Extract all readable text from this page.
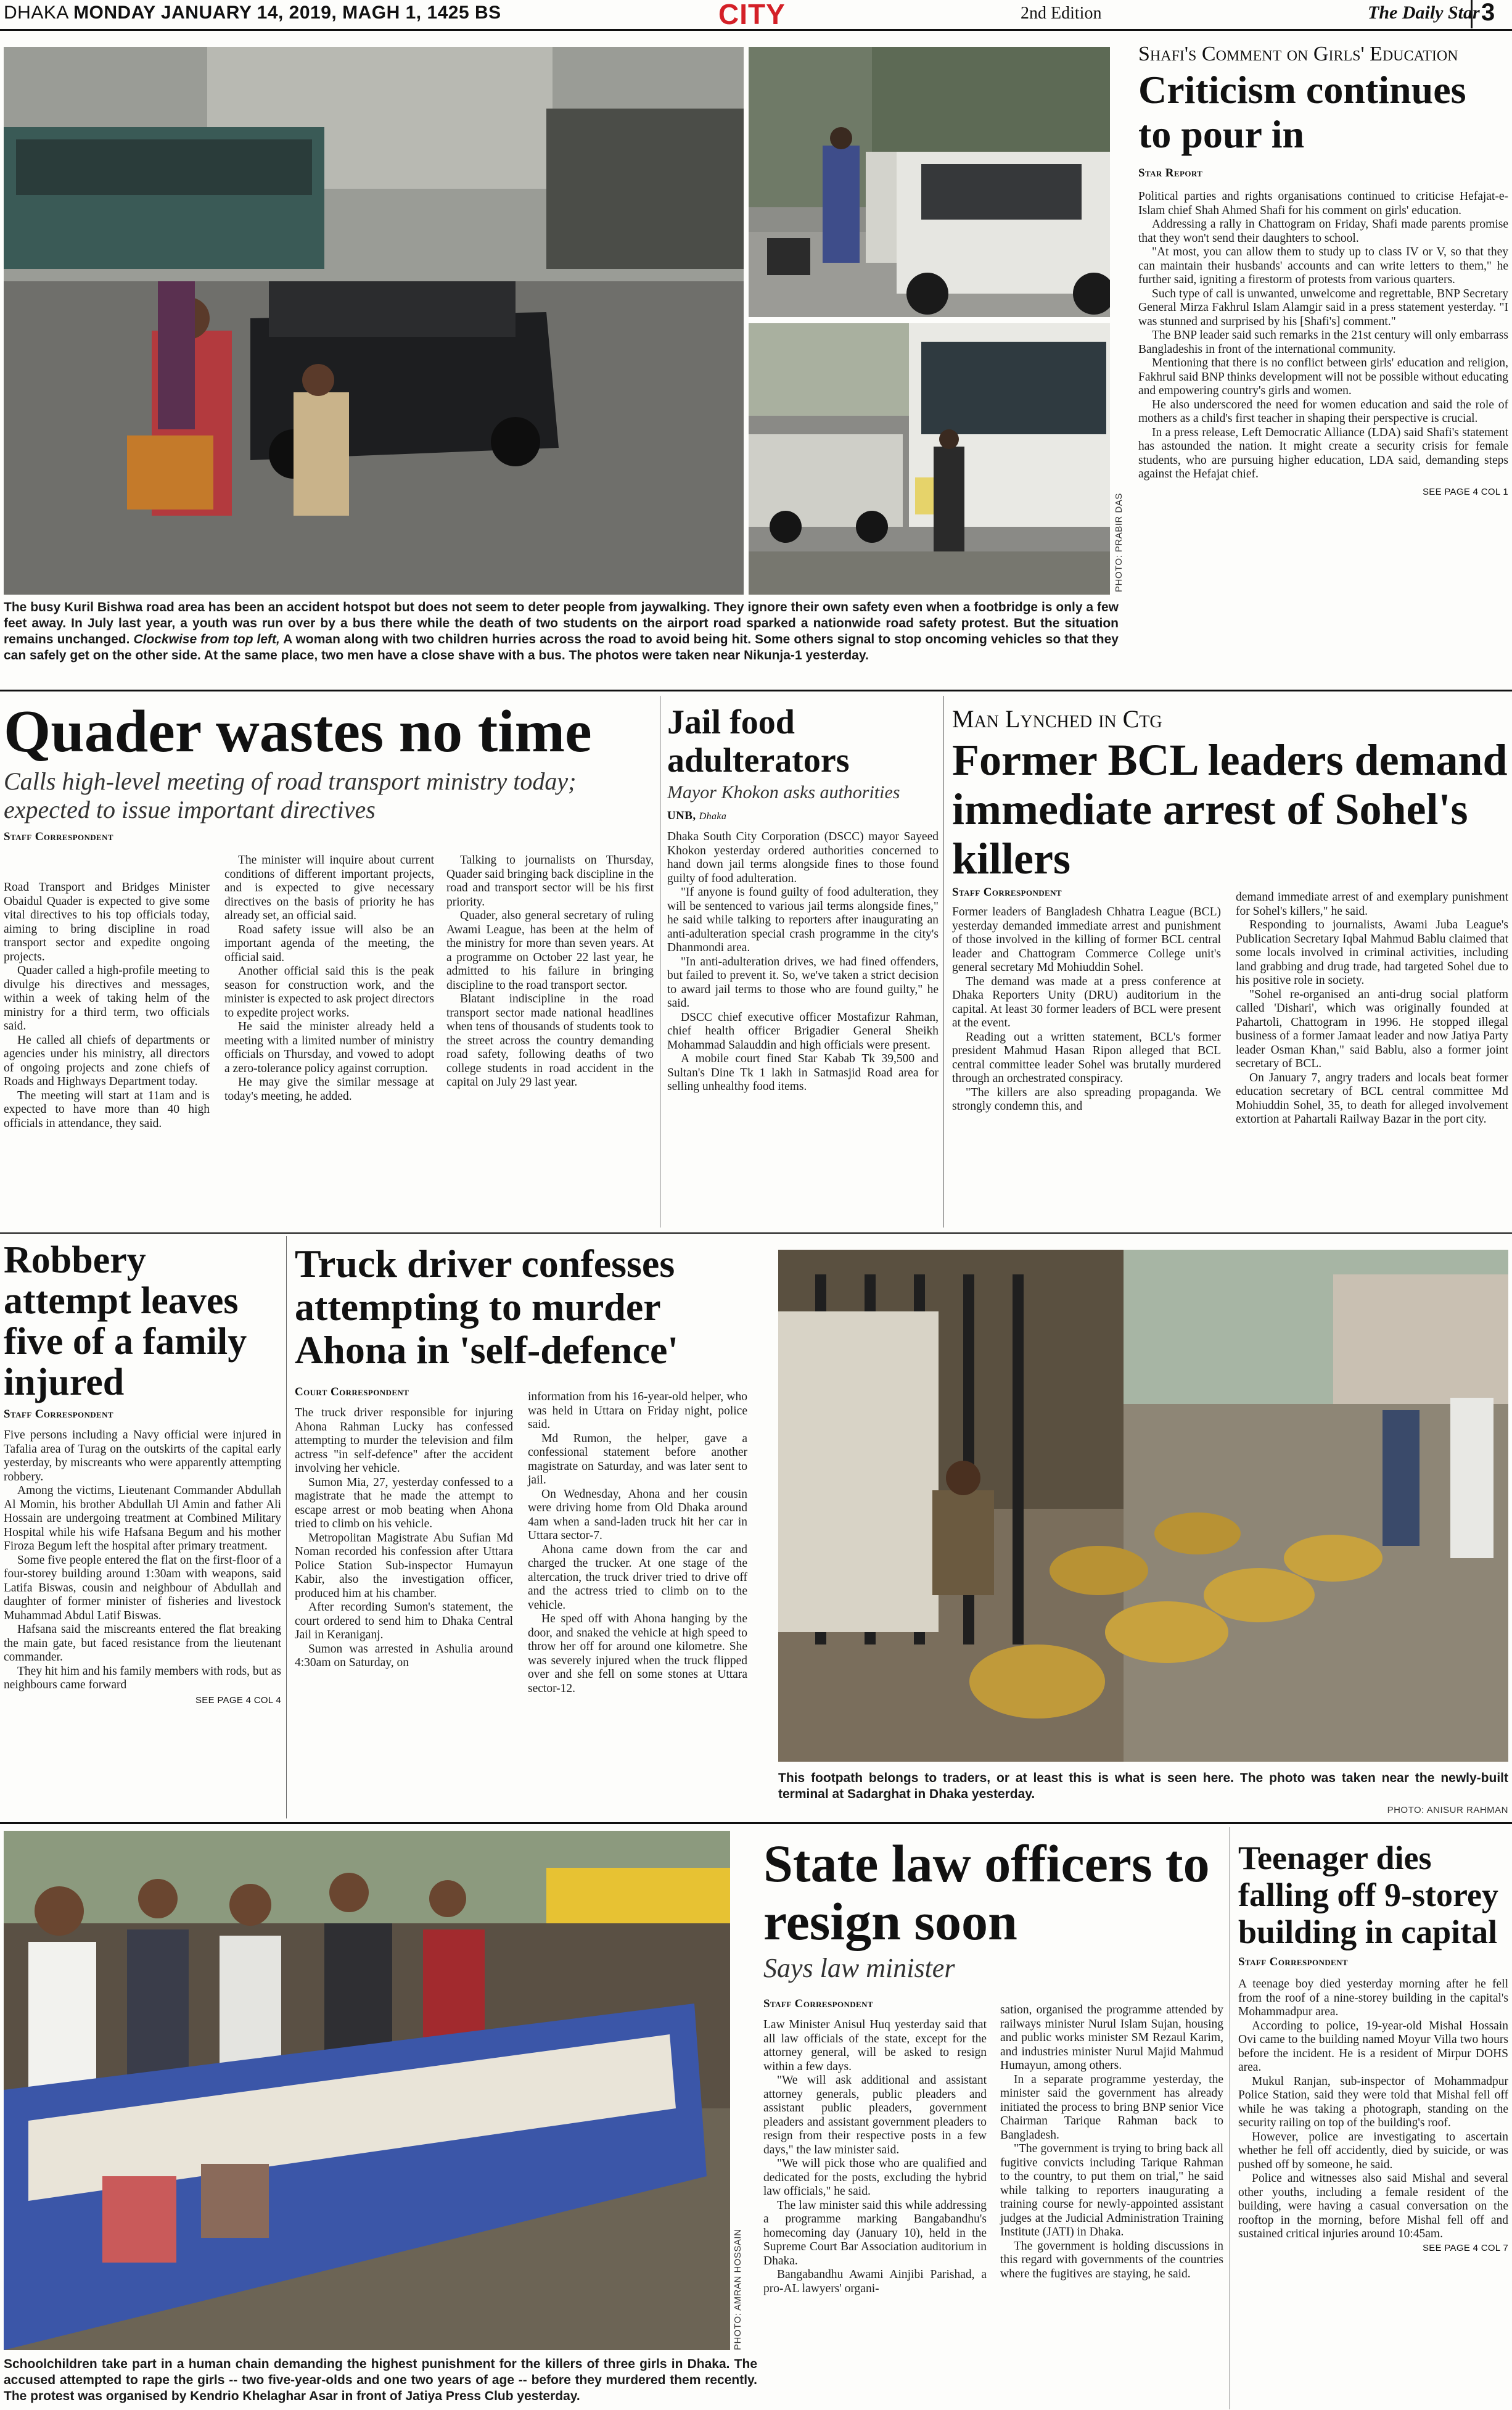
DHAKA MONDAY JANUARY 14, 2019, MAGH 1, 1425 BS	CITY	2nd Edition	The Daily Star 3
PHOTO: PRABIR DAS
The busy Kuril Bishwa road area has been an accident hotspot but does not seem to deter people from jaywalking. They ignore their own safety even when a footbridge is only a few feet away. In July last year, a youth was run over by a bus there while the death of two students on the airport road sparked a nationwide road safety protest. But the situation remains unchanged. Clockwise from top left, A woman along with two children hurries across the road to avoid being hit. Some others signal to stop oncoming vehicles so that they can safely get on the other side. At the same place, two men have a close shave with a bus. The photos were taken near Nikunja-1 yesterday.
Shafi's Comment on Girls' Education
Criticism continues to pour in
Star Report

Political parties and rights organisations continued to criticise Hefajat-e-Islam chief Shah Ahmed Shafi for his comment on girls' education.

Addressing a rally in Chattogram on Friday, Shafi made parents promise that they won't send their daughters to school.

"At most, you can allow them to study up to class IV or V, so that they can maintain their husbands' accounts and can write letters to them," he further said, igniting a firestorm of protests from various quarters.

Such type of call is unwanted, unwelcome and regrettable, BNP Secretary General Mirza Fakhrul Islam Alamgir said in a press statement yesterday. "I was stunned and surprised by his [Shafi's] comment."

The BNP leader said such remarks in the 21st century will only embarrass Bangladeshis in front of the international community.

Mentioning that there is no conflict between girls' education and religion, Fakhrul said BNP thinks development will not be possible without educating and empowering country's girls and women.

He also underscored the need for women education and said the role of mothers as a child's first teacher in shaping their perspective is crucial.

In a press release, Left Democratic Alliance (LDA) said Shafi's statement has astounded the nation. It might create a security crisis for female students, who are pursuing higher education, LDA said, demanding steps against the Hefajat chief.

SEE PAGE 4 COL 1
Quader wastes no time
Calls high-level meeting of road transport ministry today; expected to issue important directives
Staff Correspondent

Road Transport and Bridges Minister Obaidul Quader is expected to give some vital directives to his top officials today, aiming to bring discipline in road transport sector and expedite ongoing projects.

Quader called a high-profile meeting to divulge his directives and messages, within a week of taking helm of the ministry for a third term, two officials said.

He called all chiefs of departments or agencies under his ministry, all directors of ongoing projects and zone chiefs of Roads and Highways Department today.

The meeting will start at 11am and is expected to have more than 40 high officials in attendance, they said.

The minister will inquire about current conditions of different important projects, and is expected to give necessary directives on the basis of priority he has already set, an official said.

Road safety issue will also be an important agenda of the meeting, the official said.

Another official said this is the peak season for construction work, and the minister is expected to ask project directors to expedite project works.

He said the minister already held a meeting with a limited number of ministry officials on Thursday, and vowed to adopt a zero-tolerance policy against corruption.

He may give the similar message at today's meeting, he added.

Talking to journalists on Thursday, Quader said bringing back discipline in the road and transport sector will be his first priority.

Quader, also general secretary of ruling Awami League, has been at the helm of the ministry for more than seven years. At a programme on October 22 last year, he admitted to his failure in bringing discipline to the road transport sector.

Blatant indiscipline in the road transport sector made national headlines when tens of thousands of students took to the street across the country demanding road safety, following deaths of two college students in road accident in the capital on July 29 last year.

Jail food adulterators
Mayor Khokon asks authorities
UNB, Dhaka

Dhaka South City Corporation (DSCC) mayor Sayeed Khokon yesterday ordered authorities concerned to hand down jail terms alongside fines to those found guilty of food adulteration.

"If anyone is found guilty of food adulteration, they will be sentenced to various jail terms alongside fines," he said while talking to reporters after inaugurating an anti-adulteration special crash programme in the city's Dhanmondi area.

"In anti-adulteration drives, we had fined offenders, but failed to prevent it. So, we've taken a strict decision to award jail terms to those who are found guilty," he said.

DSCC chief executive officer Mostafizur Rahman, chief health officer Brigadier General Sheikh Mohammad Salauddin and high officials were present.

A mobile court fined Star Kabab Tk 39,500 and Sultan's Dine Tk 1 lakh in Satmasjid Road area for selling unhealthy food items.

Man Lynched in Ctg
Former BCL leaders demand immediate arrest of Sohel's killers
Staff Correspondent

Former leaders of Bangladesh Chhatra League (BCL) yesterday demanded immediate arrest and punishment of those involved in the killing of former BCL central leader and Chattogram Commerce College unit's general secretary Md Mohiuddin Sohel.

The demand was made at a press conference at Dhaka Reporters Unity (DRU) auditorium in the capital. At least 30 former leaders of BCL were present at the event.

Reading out a written statement, BCL's former president Mahmud Hasan Ripon alleged that BCL central committee leader Sohel was brutally murdered through an orchestrated conspiracy.

"The killers are also spreading propaganda. We strongly condemn this, and

demand immediate arrest of and exemplary punishment for Sohel's killers," he said.

Responding to journalists, Awami Juba League's Publication Secretary Iqbal Mahmud Bablu claimed that some locals involved in criminal activities, including land grabbing and drug trade, had targeted Sohel due to his positive role in society.

"Sohel re-organised an anti-drug social platform called 'Dishari', which was originally founded at Pahartoli, Chattogram in 1996. He stopped illegal business of a former Jamaat leader and now Jatiya Party leader Osman Khan," said Bablu, also a former joint secretary of BCL.

On January 7, angry traders and locals beat former education secretary of BCL central committee Md Mohiuddin Sohel, 35, to death for alleged involvement extortion at Pahartali Railway Bazar in the port city.

Robbery attempt leaves five of a family injured
Staff Correspondent

Five persons including a Navy official were injured in Tafalia area of Turag on the outskirts of the capital early yesterday, by miscreants who were apparently attempting robbery.

Among the victims, Lieutenant Commander Abdullah Al Momin, his brother Abdullah Ul Amin and father Ali Hossain are undergoing treatment at Combined Military Hospital while his wife Hafsana Begum and his mother Firoza Begum left the hospital after primary treatment.

Some five people entered the flat on the first-floor of a four-storey building around 1:30am with weapons, said Latifa Biswas, cousin and neighbour of Abdullah and daughter of former minister of fisheries and livestock Muhammad Abdul Latif Biswas.

Hafsana said the miscreants entered the flat breaking the main gate, but faced resistance from the lieutenant commander.

They hit him and his family members with rods, but as neighbours came forward

SEE PAGE 4 COL 4
Truck driver confesses attempting to murder Ahona in 'self-defence'
Court Correspondent

The truck driver responsible for injuring Ahona Rahman Lucky has confessed attempting to murder the television and film actress "in self-defence" after the accident involving her vehicle.

Sumon Mia, 27, yesterday confessed to a magistrate that he made the attempt to escape arrest or mob beating when Ahona tried to climb on his vehicle.

Metropolitan Magistrate Abu Sufian Md Noman recorded his confession after Uttara Police Station Sub-inspector Humayun Kabir, also the investigation officer, produced him at his chamber.

After recording Sumon's statement, the court ordered to send him to Dhaka Central Jail in Keraniganj.

Sumon was arrested in Ashulia around 4:30am on Saturday, on

information from his 16-year-old helper, who was held in Uttara on Friday night, police said.

Md Rumon, the helper, gave a confessional statement before another magistrate on Saturday, and was later sent to jail.

On Wednesday, Ahona and her cousin were driving home from Old Dhaka around 4am when a sand-laden truck hit her car in Uttara sector-7.

Ahona came down from the car and charged the trucker. At one stage of the altercation, the truck driver tried to drive off and the actress tried to climb on to the vehicle.

He sped off with Ahona hanging by the door, and snaked the vehicle at high speed to throw her off for around one kilometre. She was severely injured when the truck flipped over and she fell on some stones at Uttara sector-12.

This footpath belongs to traders, or at least this is what is seen here. The photo was taken near the newly-built terminal at Sadarghat in Dhaka yesterday.
PHOTO: ANISUR RAHMAN
PHOTO: AMRAN HOSSAIN
Schoolchildren take part in a human chain demanding the highest punishment for the killers of three girls in Dhaka. The accused attempted to rape the girls -- two five-year-olds and one two years of age -- before they murdered them recently. The protest was organised by Kendrio Khelaghar Asar in front of Jatiya Press Club yesterday.
State law officers to resign soon
Says law minister
Staff Correspondent

Law Minister Anisul Huq yesterday said that all law officials of the state, except for the attorney general, will be asked to resign within a few days.

"We will ask additional and assistant attorney generals, public pleaders and assistant public pleaders, government pleaders and assistant government pleaders to resign from their respective posts in a few days," the law minister said.

"We will pick those who are qualified and dedicated for the posts, excluding the hybrid law officials," he said.

The law minister said this while addressing a programme marking Bangabandhu's homecoming day (January 10), held in the Supreme Court Bar Association auditorium in Dhaka.

Bangabandhu Awami Ainjibi Parishad, a pro-AL lawyers' organi-

sation, organised the programme attended by railways minister Nurul Islam Sujan, housing and public works minister SM Rezaul Karim, and industries minister Nurul Majid Mahmud Humayun, among others.

In a separate programme yesterday, the minister said the government has already initiated the process to bring BNP senior Vice Chairman Tarique Rahman back to Bangladesh.

"The government is trying to bring back all fugitive convicts including Tarique Rahman to the country, to put them on trial," he said while talking to reporters inaugurating a training course for newly-appointed assistant judges at the Judicial Administration Training Institute (JATI) in Dhaka.

The government is holding discussions in this regard with governments of the countries where the fugitives are staying, he said.

Teenager dies falling off 9-storey building in capital
Staff Correspondent

A teenage boy died yesterday morning after he fell from the roof of a nine-storey building in the capital's Mohammadpur area.

According to police, 19-year-old Mishal Hossain Ovi came to the building named Moyur Villa two hours before the incident. He is a resident of Mirpur DOHS area.

Mukul Ranjan, sub-inspector of Mohammadpur Police Station, said they were told that Mishal fell off while he was taking a photograph, standing on the security railing on top of the building's roof.

However, police are investigating to ascertain whether he fell off accidently, died by suicide, or was pushed off by someone, he said.

Police and witnesses also said Mishal and several other youths, including a female resident of the building, were having a casual conversation on the rooftop in the morning, before Mishal fell off and sustained critical injuries around 10:45am.

SEE PAGE 4 COL 7
